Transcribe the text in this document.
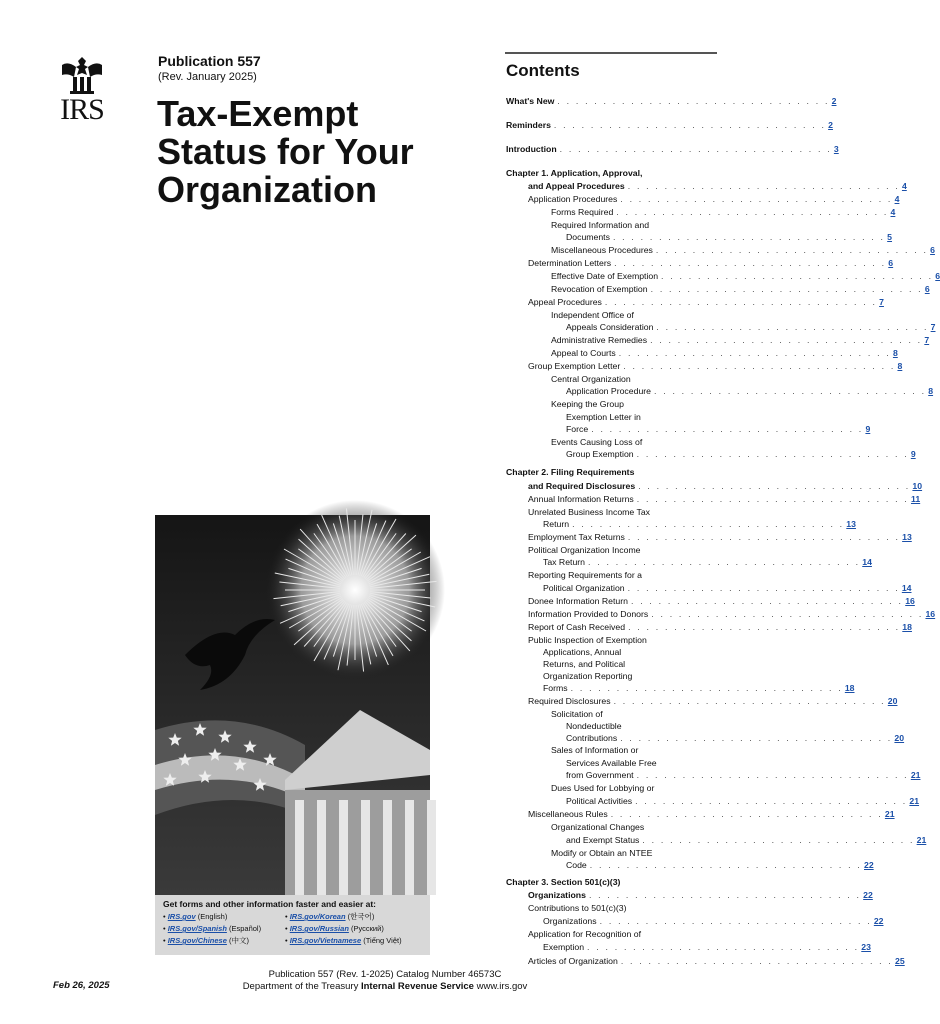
IRS
Publication 557
(Rev. January 2025)
Tax-Exempt
Status for Your
Organization
Get forms and other information faster and easier at:
• IRS.gov (English)
• IRS.gov/Spanish (Español)
• IRS.gov/Chinese (中文)
• IRS.gov/Korean (한국어)
• IRS.gov/Russian (Русский)
• IRS.gov/Vietnamese (Tiếng Việt)
Contents
What's New . . . . . . . . . . . . . . . . . . . . . . . . . . . . . . 2
Reminders . . . . . . . . . . . . . . . . . . . . . . . . . . . . . . 2
Introduction . . . . . . . . . . . . . . . . . . . . . . . . . . . . . . 3
Chapter 1. Application, Approval,
and Appeal Procedures . . . . . . . . . . . . . . . . . . . . . . . . . . . . . . 4
Application Procedures . . . . . . . . . . . . . . . . . . . . . . . . . . . . . . 4
Forms Required . . . . . . . . . . . . . . . . . . . . . . . . . . . . . . 4
Required Information and
Documents . . . . . . . . . . . . . . . . . . . . . . . . . . . . . . 5
Miscellaneous Procedures . . . . . . . . . . . . . . . . . . . . . . . . . . . . . . 6
Determination Letters . . . . . . . . . . . . . . . . . . . . . . . . . . . . . . 6
Effective Date of Exemption . . . . . . . . . . . . . . . . . . . . . . . . . . . . . . 6
Revocation of Exemption . . . . . . . . . . . . . . . . . . . . . . . . . . . . . . 6
Appeal Procedures . . . . . . . . . . . . . . . . . . . . . . . . . . . . . . 7
Independent Office of
Appeals Consideration . . . . . . . . . . . . . . . . . . . . . . . . . . . . . . 7
Administrative Remedies . . . . . . . . . . . . . . . . . . . . . . . . . . . . . . 7
Appeal to Courts . . . . . . . . . . . . . . . . . . . . . . . . . . . . . . 8
Group Exemption Letter . . . . . . . . . . . . . . . . . . . . . . . . . . . . . . 8
Central Organization
Application Procedure . . . . . . . . . . . . . . . . . . . . . . . . . . . . . . 8
Keeping the Group
Exemption Letter in
Force . . . . . . . . . . . . . . . . . . . . . . . . . . . . . . 9
Events Causing Loss of
Group Exemption . . . . . . . . . . . . . . . . . . . . . . . . . . . . . . 9
Chapter 2. Filing Requirements
and Required Disclosures . . . . . . . . . . . . . . . . . . . . . . . . . . . . . . 10
Annual Information Returns . . . . . . . . . . . . . . . . . . . . . . . . . . . . . . 11
Unrelated Business Income Tax
Return . . . . . . . . . . . . . . . . . . . . . . . . . . . . . . 13
Employment Tax Returns . . . . . . . . . . . . . . . . . . . . . . . . . . . . . . 13
Political Organization Income
Tax Return . . . . . . . . . . . . . . . . . . . . . . . . . . . . . . 14
Reporting Requirements for a
Political Organization . . . . . . . . . . . . . . . . . . . . . . . . . . . . . . 14
Donee Information Return . . . . . . . . . . . . . . . . . . . . . . . . . . . . . . 16
Information Provided to Donors . . . . . . . . . . . . . . . . . . . . . . . . . . . . . . 16
Report of Cash Received . . . . . . . . . . . . . . . . . . . . . . . . . . . . . . 18
Public Inspection of Exemption
Applications, Annual
Returns, and Political
Organization Reporting
Forms . . . . . . . . . . . . . . . . . . . . . . . . . . . . . . 18
Required Disclosures . . . . . . . . . . . . . . . . . . . . . . . . . . . . . . 20
Solicitation of
Nondeductible
Contributions . . . . . . . . . . . . . . . . . . . . . . . . . . . . . . 20
Sales of Information or
Services Available Free
from Government . . . . . . . . . . . . . . . . . . . . . . . . . . . . . . 21
Dues Used for Lobbying or
Political Activities . . . . . . . . . . . . . . . . . . . . . . . . . . . . . . 21
Miscellaneous Rules . . . . . . . . . . . . . . . . . . . . . . . . . . . . . . 21
Organizational Changes
and Exempt Status . . . . . . . . . . . . . . . . . . . . . . . . . . . . . . 21
Modify or Obtain an NTEE
Code . . . . . . . . . . . . . . . . . . . . . . . . . . . . . . 22
Chapter 3. Section 501(c)(3)
Organizations . . . . . . . . . . . . . . . . . . . . . . . . . . . . . . 22
Contributions to 501(c)(3)
Organizations . . . . . . . . . . . . . . . . . . . . . . . . . . . . . . 22
Application for Recognition of
Exemption . . . . . . . . . . . . . . . . . . . . . . . . . . . . . . 23
Articles of Organization . . . . . . . . . . . . . . . . . . . . . . . . . . . . . . 25
Feb 26, 2025
Publication 557 (Rev. 1-2025) Catalog Number 46573C
Department of the Treasury Internal Revenue Service www.irs.gov
